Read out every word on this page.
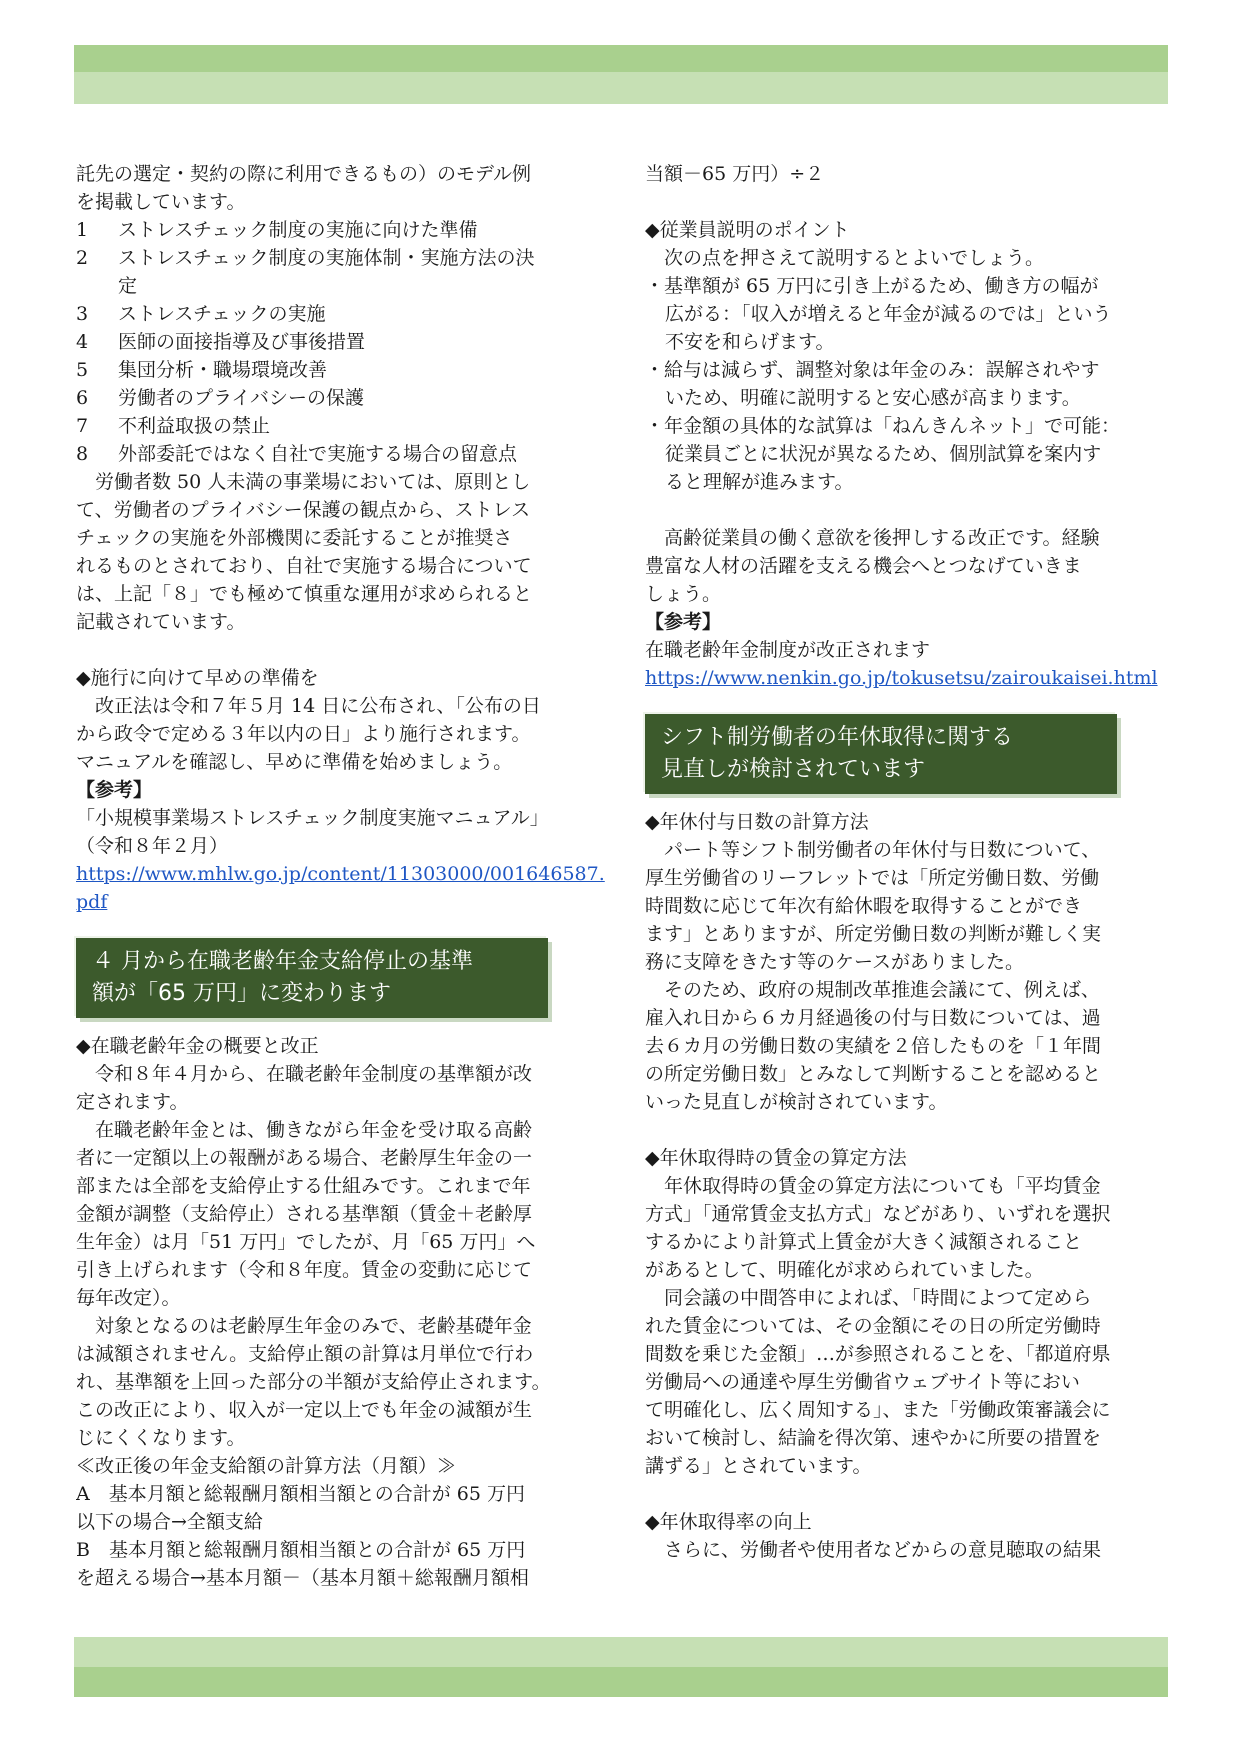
託先の選定・契約の際に利用できるもの）のモデル例
を掲載しています。
1	ストレスチェック制度の実施に向けた準備
2	ストレスチェック制度の実施体制・実施方法の決
定
3	ストレスチェックの実施
4	医師の面接指導及び事後措置
5	集団分析・職場環境改善
6	労働者のプライバシーの保護
7	不利益取扱の禁止
8	外部委託ではなく自社で実施する場合の留意点
労働者数 50 人未満の事業場においては、原則とし
て、労働者のプライバシー保護の観点から、ストレス
チェックの実施を外部機関に委託することが推奨さ
れるものとされており、自社で実施する場合について
は、上記「８」でも極めて慎重な運用が求められると
記載されています。
◆施行に向けて早めの準備を
改正法は令和７年５月 14 日に公布され、「公布の日
から政令で定める３年以内の日」より施行されます。
マニュアルを確認し、早めに準備を始めましょう。
【参考】
「小規模事業場ストレスチェック制度実施マニュアル」
（令和８年２月）
https://www.mhlw.go.jp/content/11303000/001646587.
pdf
４ 月から在職老齢年金支給停止の基準
額が「65 万円」に変わります
◆在職老齢年金の概要と改正
令和８年４月から、在職老齢年金制度の基準額が改
定されます。
在職老齢年金とは、働きながら年金を受け取る高齢
者に一定額以上の報酬がある場合、老齢厚生年金の一
部または全部を支給停止する仕組みです。これまで年
金額が調整（支給停止）される基準額（賃金＋老齢厚
生年金）は月「51 万円」でしたが、月「65 万円」へ
引き上げられます（令和８年度。賃金の変動に応じて
毎年改定）。
対象となるのは老齢厚生年金のみで、老齢基礎年金
は減額されません。支給停止額の計算は月単位で行わ
れ、基準額を上回った部分の半額が支給停止されます。
この改正により、収入が一定以上でも年金の減額が生
じにくくなります。
≪改正後の年金支給額の計算方法（月額）≫
A　基本月額と総報酬月額相当額との合計が 65 万円
以下の場合→全額支給
B　基本月額と総報酬月額相当額との合計が 65 万円
を超える場合→基本月額－（基本月額＋総報酬月額相
当額－65 万円）÷２
◆従業員説明のポイント
次の点を押さえて説明するとよいでしょう。
・基準額が 65 万円に引き上がるため、働き方の幅が
広がる：「収入が増えると年金が減るのでは」という
不安を和らげます。
・給与は減らず、調整対象は年金のみ：誤解されやす
いため、明確に説明すると安心感が高まります。
・年金額の具体的な試算は「ねんきんネット」で可能：
従業員ごとに状況が異なるため、個別試算を案内す
ると理解が進みます。
高齢従業員の働く意欲を後押しする改正です。経験
豊富な人材の活躍を支える機会へとつなげていきま
しょう。
【参考】
在職老齢年金制度が改正されます
https://www.nenkin.go.jp/tokusetsu/zairoukaisei.html
シフト制労働者の年休取得に関する
見直しが検討されています
◆年休付与日数の計算方法
パート等シフト制労働者の年休付与日数について、
厚生労働省のリーフレットでは「所定労働日数、労働
時間数に応じて年次有給休暇を取得することができ
ます」とありますが、所定労働日数の判断が難しく実
務に支障をきたす等のケースがありました。
そのため、政府の規制改革推進会議にて、例えば、
雇入れ日から６カ月経過後の付与日数については、過
去６カ月の労働日数の実績を２倍したものを「１年間
の所定労働日数」とみなして判断することを認めると
いった見直しが検討されています。
◆年休取得時の賃金の算定方法
年休取得時の賃金の算定方法についても「平均賃金
方式」「通常賃金支払方式」などがあり、いずれを選択
するかにより計算式上賃金が大きく減額されること
があるとして、明確化が求められていました。
同会議の中間答申によれば、「時間によつて定めら
れた賃金については、その金額にその日の所定労働時
間数を乗じた金額」…が参照されることを、「都道府県
労働局への通達や厚生労働省ウェブサイト等におい
て明確化し、広く周知する」、また「労働政策審議会に
おいて検討し、結論を得次第、速やかに所要の措置を
講ずる」とされています。
◆年休取得率の向上
さらに、労働者や使用者などからの意見聴取の結果
